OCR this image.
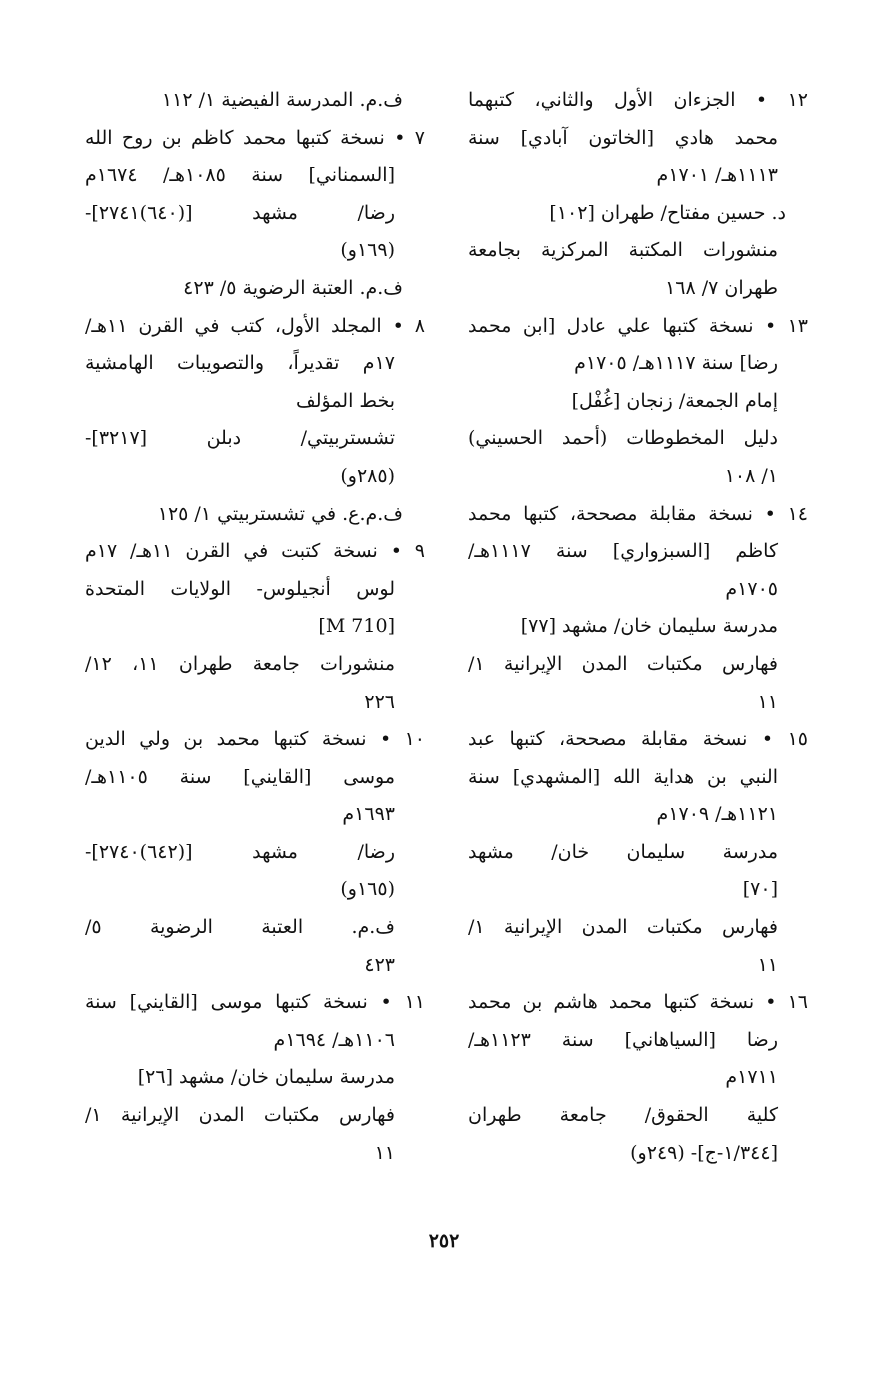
ف.م. المدرسة الفيضية ١/ ١١٢
٧ • نسخة كتبها محمد كاظم بن روح الله
[السمناني] سنة ١٠٨٥هـ/ ١٦٧٤م
رضا/ مشهد [(٦٤٠)٢٧٤١]-
(١٦٩و)
ف.م. العتبة الرضوية ٥/ ٤٢٣
٨ • المجلد الأول، كتب في القرن ١١هـ/
١٧م تقديراً، والتصويبات الهامشية
بخط المؤلف
تشستربيتي/ دبلن [٣٢١٧]-
(٢٨٥و)
ف.م.ع. في تشستربيتي ١/ ١٢٥
٩ • نسخة كتبت في القرن ١١هـ/ ١٧م
لوس أنجيلوس- الولايات المتحدة
[M 710]
منشورات جامعة طهران ١١، ١٢/
٢٢٦
١٠ • نسخة كتبها محمد بن ولي الدين
موسى [القايني] سنة ١١٠٥هـ/
١٦٩٣م
رضا/ مشهد [(٦٤٢)٢٧٤٠]-
(١٦٥و)
ف.م. العتبة الرضوية ٥/
٤٢٣
١١ • نسخة كتبها موسى [القايني] سنة
١١٠٦هـ/ ١٦٩٤م
مدرسة سليمان خان/ مشهد [٢٦]
فهارس مكتبات المدن الإيرانية ١/
١١
١٢ • الجزءان الأول والثاني، كتبهما
محمد هادي [الخاتون آبادي] سنة
١١١٣هـ/ ١٧٠١م
د. حسين مفتاح/ طهران [١٠٢]
منشورات المكتبة المركزية بجامعة
طهران ٧/ ١٦٨
١٣ • نسخة كتبها علي عادل [ابن محمد
رضا] سنة ١١١٧هـ/ ١٧٠٥م
إمام الجمعة/ زنجان [غُفْل]
دليل المخطوطات (أحمد الحسيني)
١/ ١٠٨
١٤ • نسخة مقابلة مصححة، كتبها محمد
كاظم [السبزواري] سنة ١١١٧هـ/
١٧٠٥م
مدرسة سليمان خان/ مشهد [٧٧]
فهارس مكتبات المدن الإيرانية ١/
١١
١٥ • نسخة مقابلة مصححة، كتبها عبد
النبي بن هداية الله [المشهدي] سنة
١١٢١هـ/ ١٧٠٩م
مدرسة سليمان خان/ مشهد
[٧٠]
فهارس مكتبات المدن الإيرانية ١/
١١
١٦ • نسخة كتبها محمد هاشم بن محمد
رضا [السياهاني] سنة ١١٢٣هـ/
١٧١١م
كلية الحقوق/ جامعة طهران
[١/٣٤٤-ج]- (٢٤٩و)
٢٥٢
